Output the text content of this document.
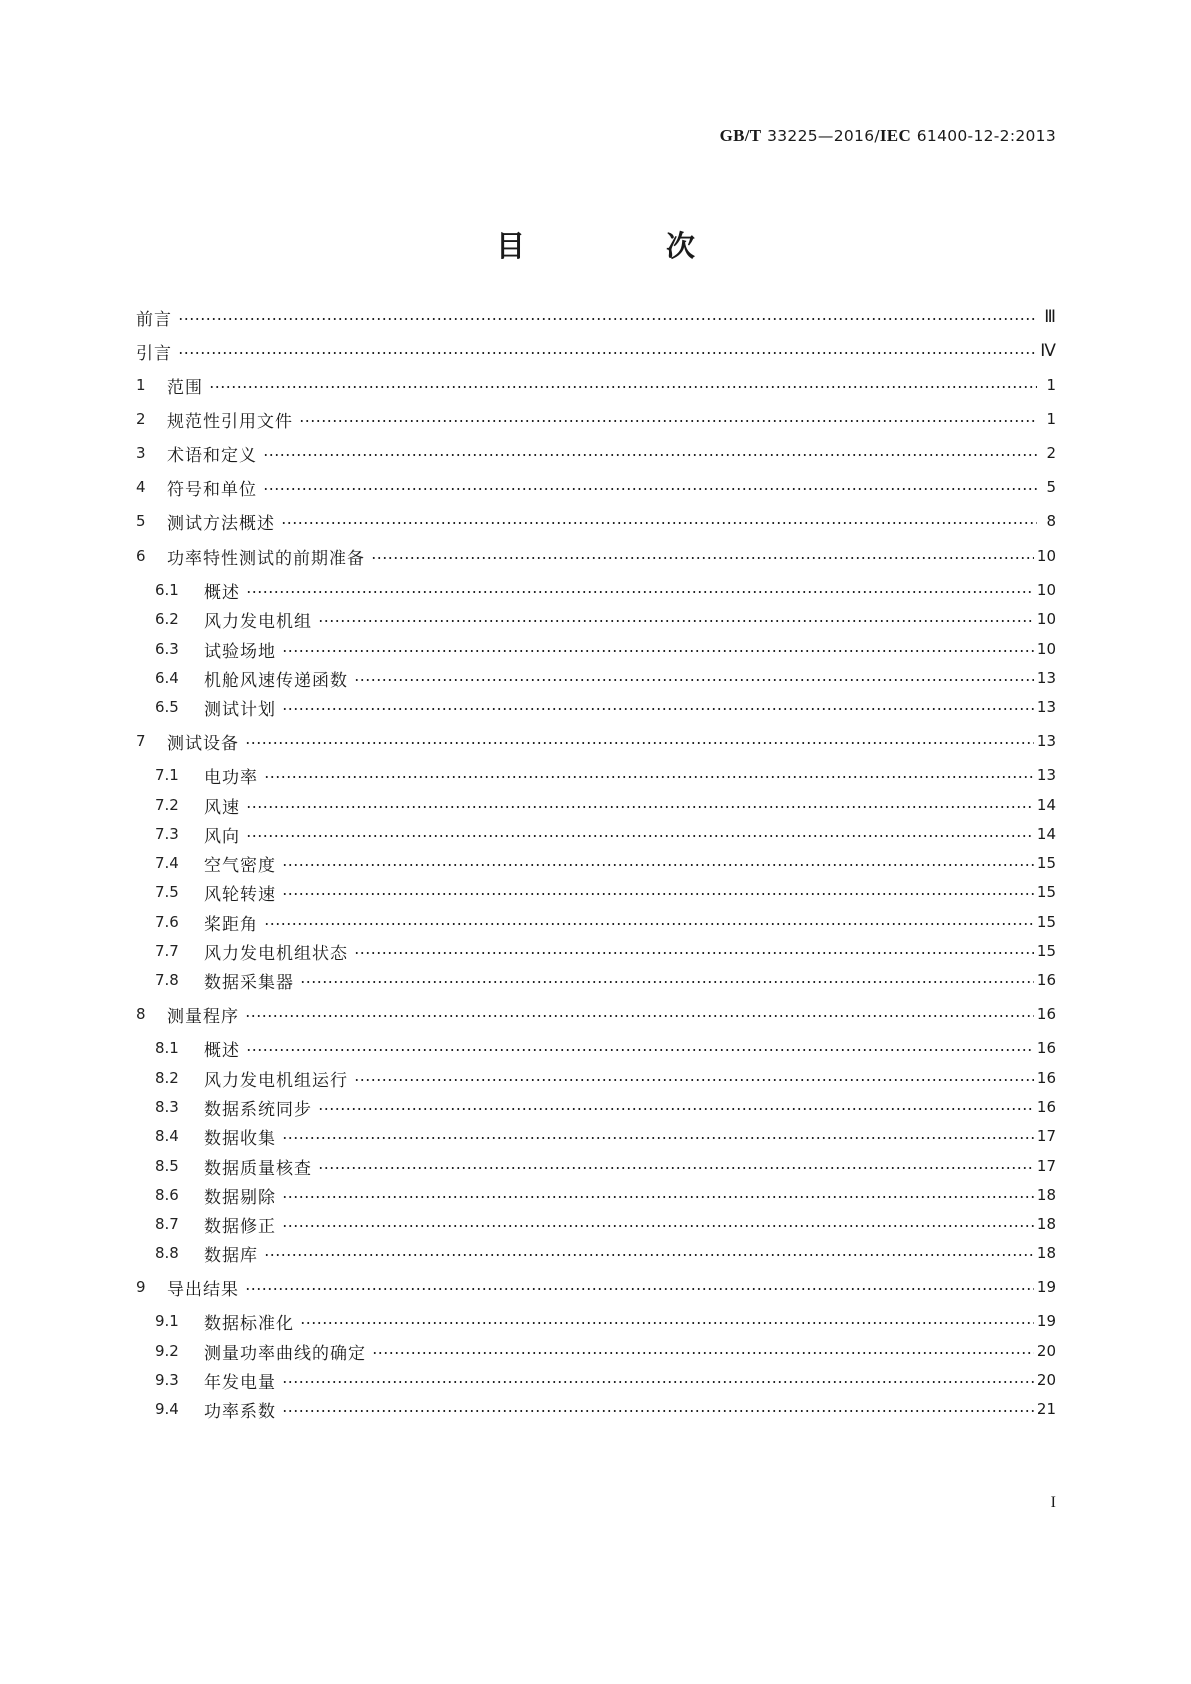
GB/T 33225—2016/IEC 61400-12-2:2013
目　次
前言	Ⅲ
引言	Ⅳ
1	范围	1
2	规范性引用文件	1
3	术语和定义	2
4	符号和单位	5
5	测试方法概述	8
6	功率特性测试的前期准备	10
6.1	概述	10
6.2	风力发电机组	10
6.3	试验场地	10
6.4	机舱风速传递函数	13
6.5	测试计划	13
7	测试设备	13
7.1	电功率	13
7.2	风速	14
7.3	风向	14
7.4	空气密度	15
7.5	风轮转速	15
7.6	桨距角	15
7.7	风力发电机组状态	15
7.8	数据采集器	16
8	测量程序	16
8.1	概述	16
8.2	风力发电机组运行	16
8.3	数据系统同步	16
8.4	数据收集	17
8.5	数据质量核查	17
8.6	数据剔除	18
8.7	数据修正	18
8.8	数据库	18
9	导出结果	19
9.1	数据标准化	19
9.2	测量功率曲线的确定	20
9.3	年发电量	20
9.4	功率系数	21
I
